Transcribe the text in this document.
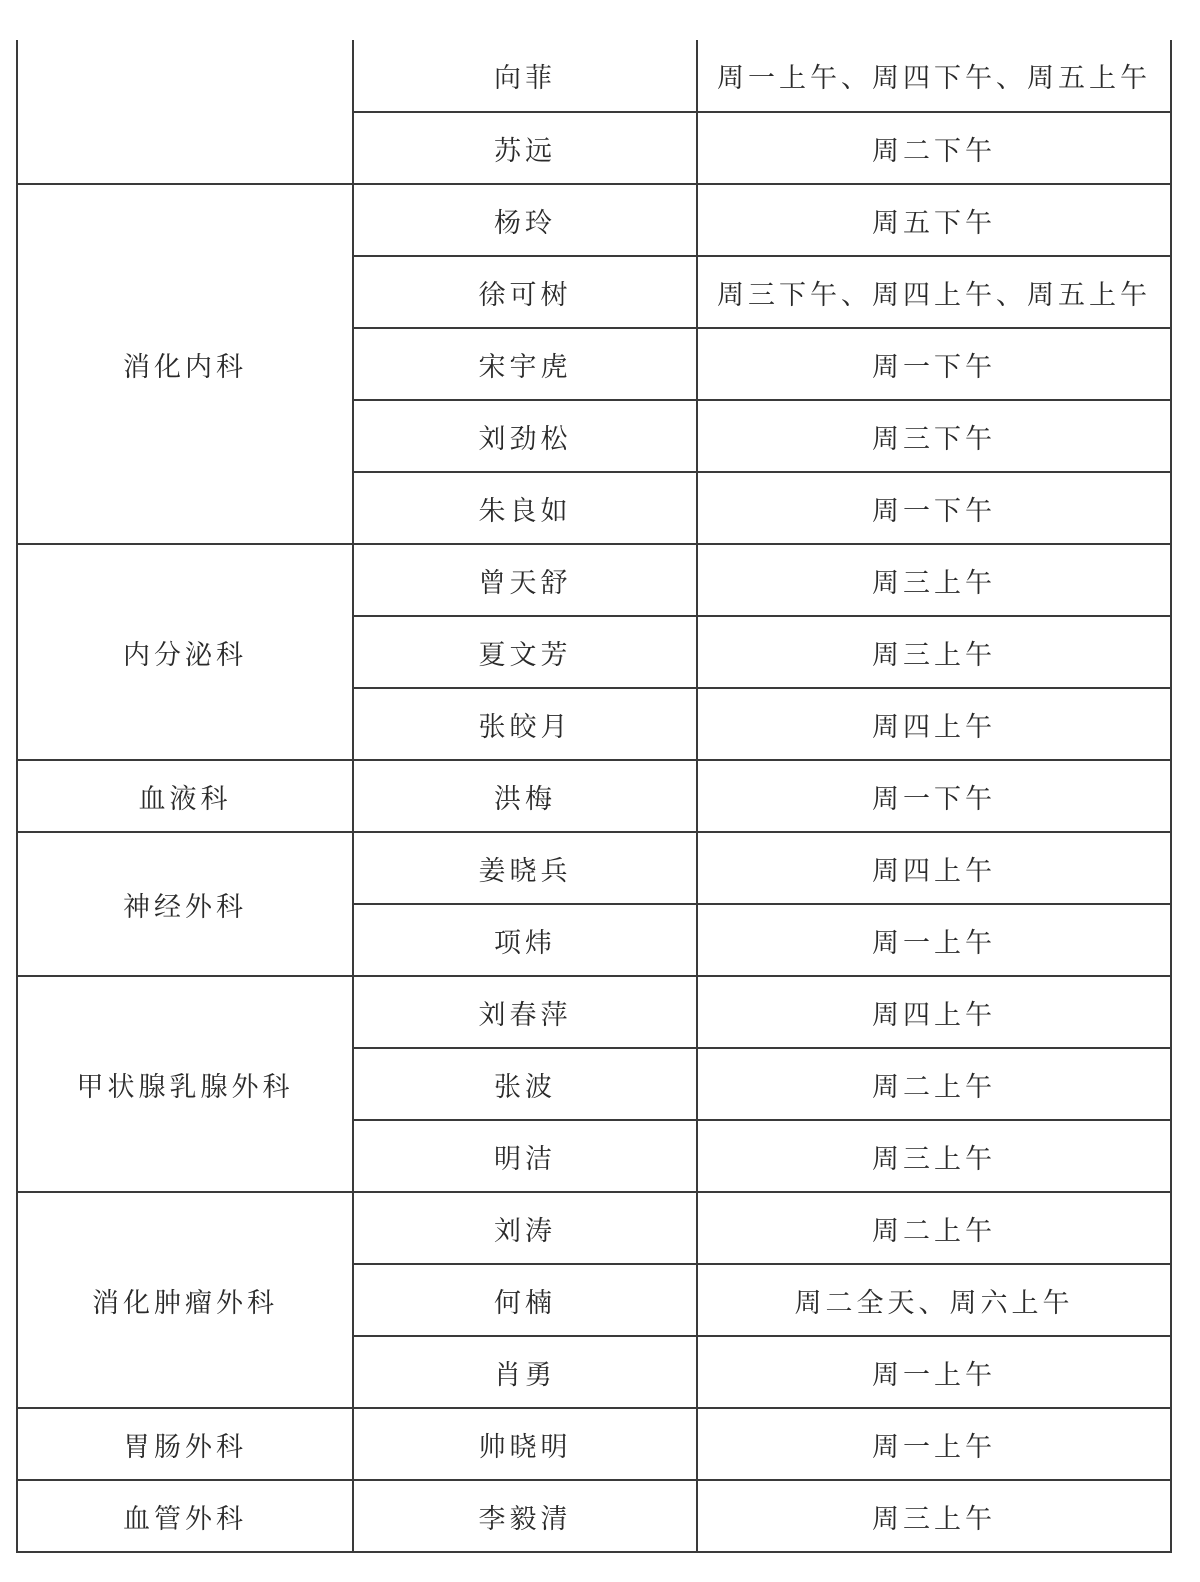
	向菲	周一上午、周四下午、周五上午
	苏远	周二下午
消化内科	杨玲	周五下午
	徐可树	周三下午、周四上午、周五上午
	宋宇虎	周一下午
	刘劲松	周三下午
	朱良如	周一下午
内分泌科	曾天舒	周三上午
	夏文芳	周三上午
	张皎月	周四上午
血液科	洪梅	周一下午
神经外科	姜晓兵	周四上午
	项炜	周一上午
甲状腺乳腺外科	刘春萍	周四上午
	张波	周二上午
	明洁	周三上午
消化肿瘤外科	刘涛	周二上午
	何楠	周二全天、周六上午
	肖勇	周一上午
胃肠外科	帅晓明	周一上午
血管外科	李毅清	周三上午
